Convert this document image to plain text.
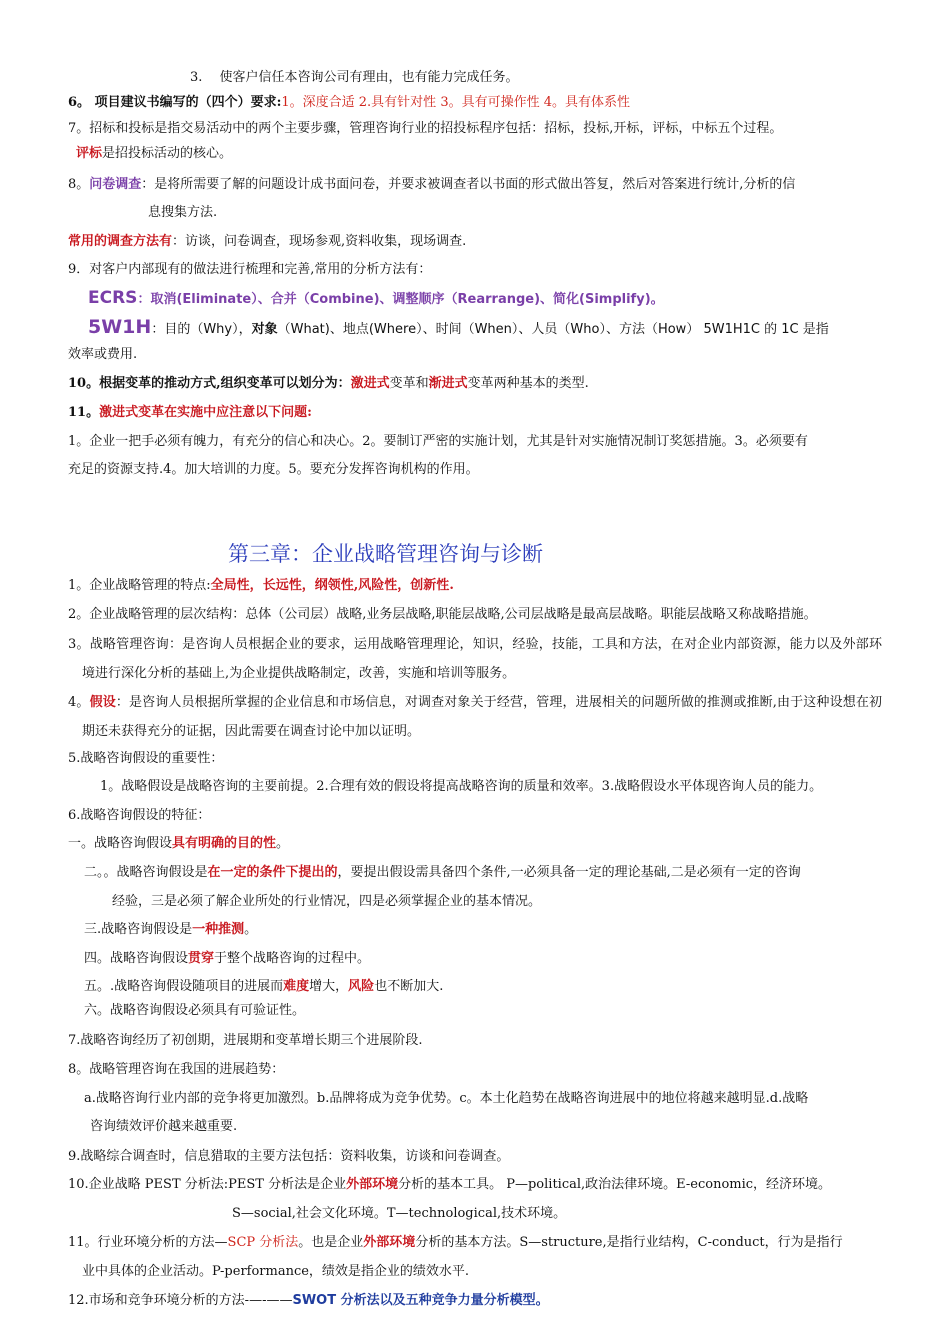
3.　 使客户信任本咨询公司有理由，也有能力完成任务。
6。 项目建议书编写的（四个）要求:1。深度合适 2.具有针对性 3。具有可操作性 4。具有体系性
7。招标和投标是指交易活动中的两个主要步骤，管理咨询行业的招投标程序包括：招标，投标,开标，评标，中标五个过程。
评标是招投标活动的核心。
8。问卷调查：是将所需要了解的问题设计成书面问卷，并要求被调查者以书面的形式做出答复，然后对答案进行统计,分析的信
息搜集方法.
常用的调查方法有：访谈，问卷调查，现场参观,资料收集，现场调查.
9．对客户内部现有的做法进行梳理和完善,常用的分析方法有：
ECRS：取消(Eliminate）、合并（Combine)、调整顺序（Rearrange)、简化(Simplify)。
5W1H：目的（Why），对象（What)、地点(Where）、时间（When）、人员（Who）、方法（How） 5W1H1C 的 1C 是指
效率或费用.
10。根据变革的推动方式,组织变革可以划分为：激进式变革和渐进式变革两种基本的类型.
11。激进式变革在实施中应注意以下问题:
1。企业一把手必须有魄力，有充分的信心和决心。2。要制订严密的实施计划，尤其是针对实施情况制订奖惩措施。3。必须要有
充足的资源支持.4。加大培训的力度。5。要充分发挥咨询机构的作用。
第三章：企业战略管理咨询与诊断
1。企业战略管理的特点:全局性，长远性，纲领性,风险性，创新性.
2。企业战略管理的层次结构：总体（公司层）战略,业务层战略,职能层战略,公司层战略是最高层战略。职能层战略又称战略措施。
3。战略管理咨询：是咨询人员根据企业的要求，运用战略管理理论，知识，经验，技能，工具和方法，在对企业内部资源，能力以及外部环境进行深化分析的基础上,为企业提供战略制定，改善，实施和培训等服务。
4。假设：是咨询人员根据所掌握的企业信息和市场信息，对调查对象关于经营，管理，进展相关的问题所做的推测或推断,由于这种设想在初期还未获得充分的证据，因此需要在调查讨论中加以证明。
5.战略咨询假设的重要性：
1。战略假设是战略咨询的主要前提。2.合理有效的假设将提高战略咨询的质量和效率。3.战略假设水平体现咨询人员的能力。
6.战略咨询假设的特征：
一。战略咨询假设具有明确的目的性。
二。。战略咨询假设是在一定的条件下提出的，要提出假设需具备四个条件,一必须具备一定的理论基础,二是必须有一定的咨询
经验，三是必须了解企业所处的行业情况，四是必须掌握企业的基本情况。
三.战略咨询假设是一种推测。
四。战略咨询假设贯穿于整个战略咨询的过程中。
五。.战略咨询假设随项目的进展而难度增大，风险也不断加大.
六。战略咨询假设必须具有可验证性。
7.战略咨询经历了初创期，进展期和变革增长期三个进展阶段.
8。战略管理咨询在我国的进展趋势：
a.战略咨询行业内部的竞争将更加激烈。b.品牌将成为竞争优势。c。本土化趋势在战略咨询进展中的地位将越来越明显.d.战略
咨询绩效评价越来越重要.
9.战略综合调查时，信息猎取的主要方法包括：资料收集，访谈和问卷调查。
10.企业战略 PEST 分析法:PEST 分析法是企业外部环境分析的基本工具。 P—political,政治法律环境。E-economic，经济环境。
S—social,社会文化环境。T—technological,技术环境。
11。行业环境分析的方法—SCP 分析法。也是企业外部环境分析的基本方法。S—structure,是指行业结构，C-conduct，行为是指行
业中具体的企业活动。P-performance，绩效是指企业的绩效水平.
12.市场和竞争环境分析的方法-—-——SWOT 分析法以及五种竞争力量分析模型。
